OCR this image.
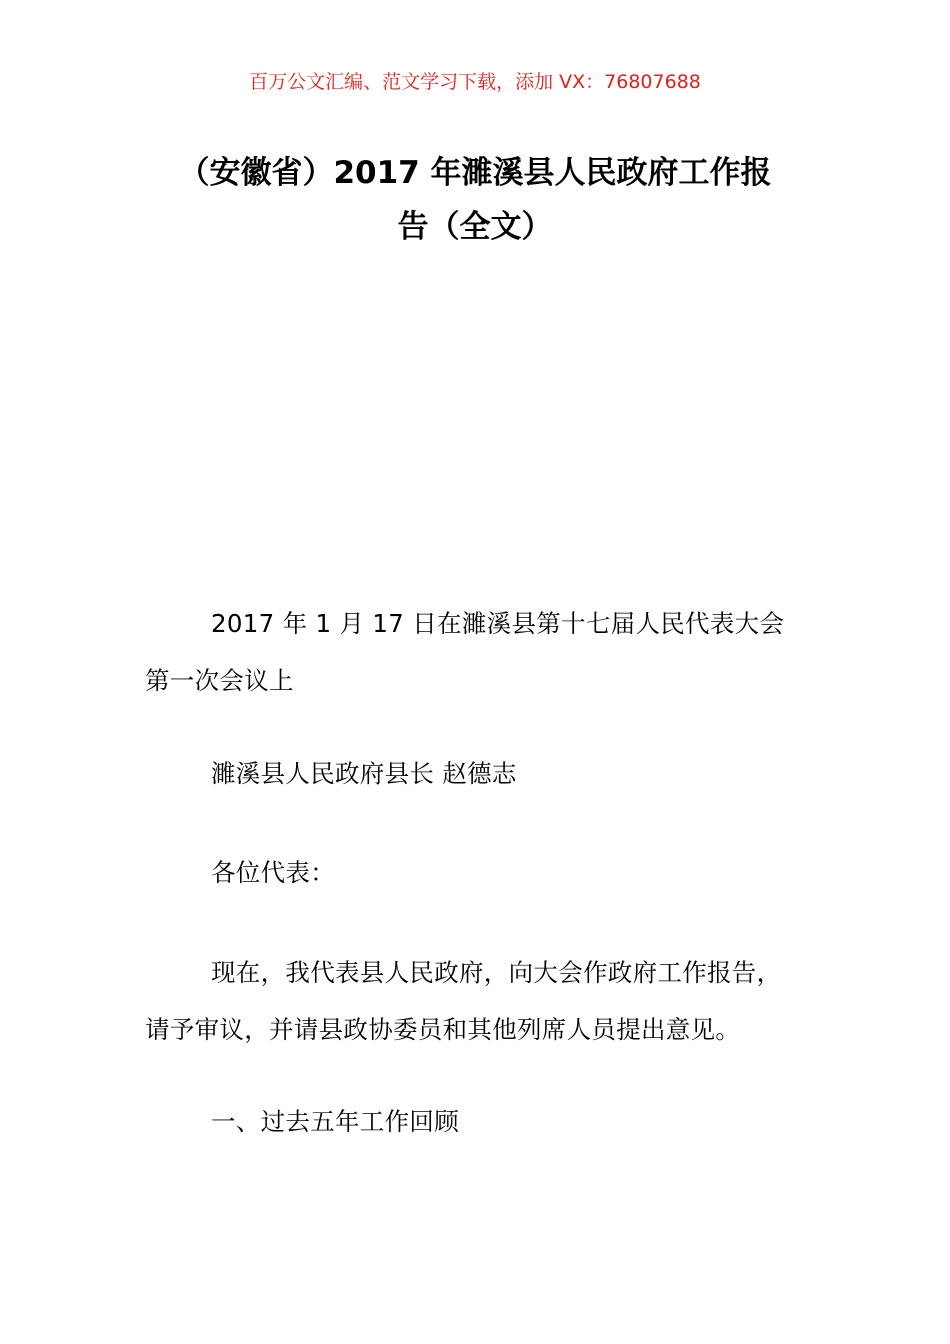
百万公文汇编、范文学习下载，添加 VX：76807688
（安徽省）2017 年濉溪县人民政府工作报
告（全文）
2017 年 1 月 17 日在濉溪县第十七届人民代表大会
第一次会议上
濉溪县人民政府县长 赵德志
各位代表：
现在，我代表县人民政府，向大会作政府工作报告，
请予审议，并请县政协委员和其他列席人员提出意见。
一、过去五年工作回顾
